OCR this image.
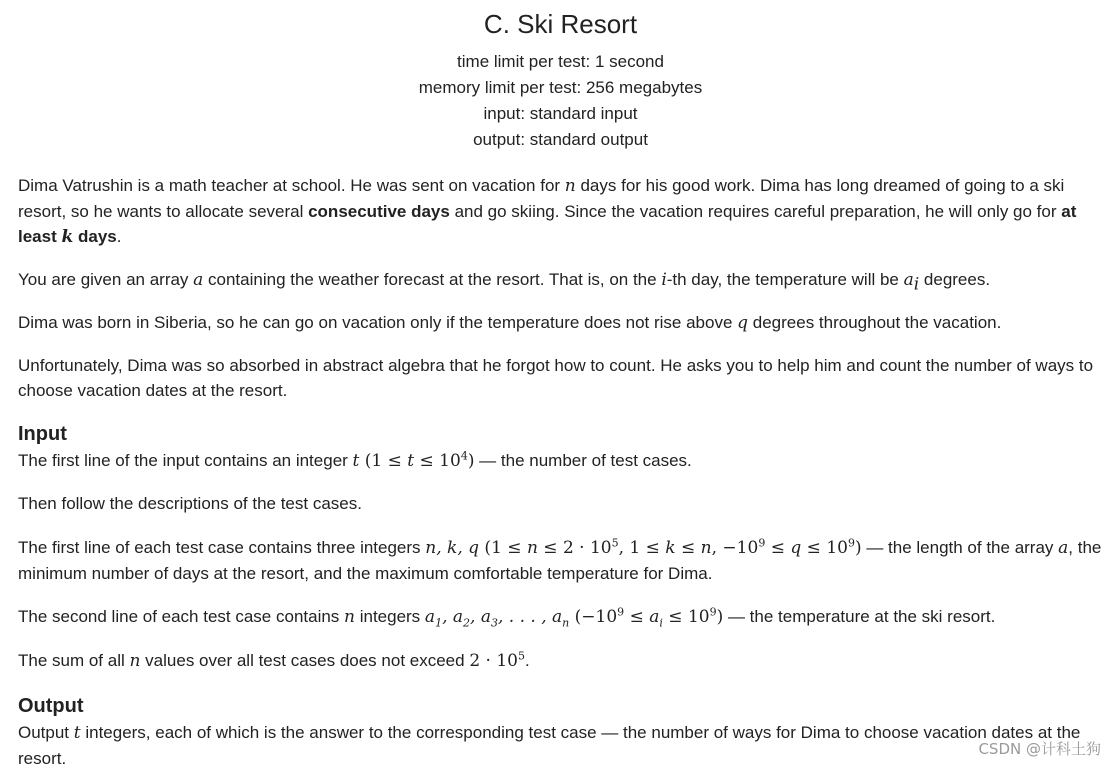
C. Ski Resort
time limit per test: 1 second
memory limit per test: 256 megabytes
input: standard input
output: standard output

Dima Vatrushin is a math teacher at school. He was sent on vacation for n days for his good work. Dima has long dreamed of going to a ski resort, so he wants to allocate several consecutive days and go skiing. Since the vacation requires careful preparation, he will only go for at least k days.

You are given an array a containing the weather forecast at the resort. That is, on the i-th day, the temperature will be $a_i$ degrees.

Dima was born in Siberia, so he can go on vacation only if the temperature does not rise above q degrees throughout the vacation.

Unfortunately, Dima was so absorbed in abstract algebra that he forgot how to count. He asks you to help him and count the number of ways to choose vacation dates at the resort.

Input

The first line of the input contains an integer t $(1 \le t \le 10^4)$ — the number of test cases.

Then follow the descriptions of the test cases.

The first line of each test case contains three integers n, k, q ($1 \le n \le 2 \cdot 10^5$, 1 ≤ k ≤ n, $-10^9 \le q \le 10^9$) — the length of the array a, the minimum number of days at the resort, and the maximum comfortable temperature for Dima.

The second line of each test case contains n integers $a_1$, $a_2$, $a_3$, . . . , $a_n$ $(-10^9 \le a_i \le 10^9)$ — the temperature at the ski resort.

The sum of all n values over all test cases does not exceed $2 \cdot 10^5$.

Output

Output t integers, each of which is the answer to the corresponding test case — the number of ways for Dima to choose vacation dates at the resort.	CSDN @计科土狗
